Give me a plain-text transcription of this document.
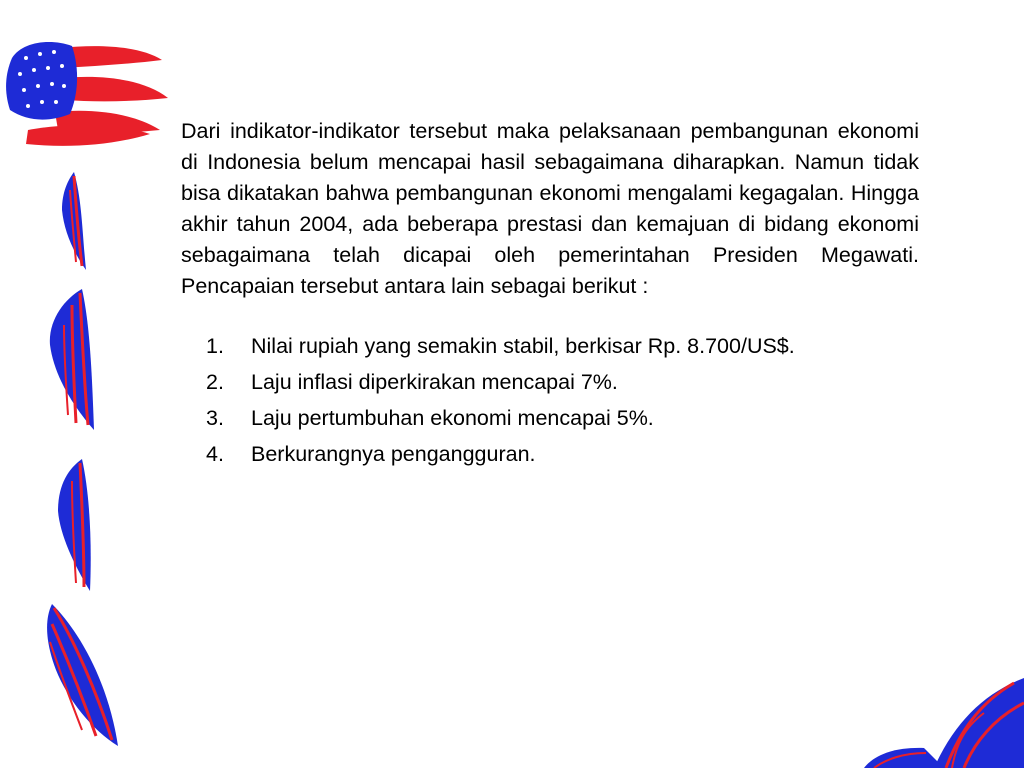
Dari indikator-indikator tersebut maka pelaksanaan pembangunan ekonomi di Indonesia belum mencapai hasil sebagaimana diharapkan. Namun tidak bisa dikatakan bahwa pembangunan ekonomi mengalami kegagalan. Hingga akhir tahun 2004, ada beberapa prestasi dan kemajuan di bidang ekonomi sebagaimana telah dicapai oleh pemerintahan Presiden Megawati. Pencapaian tersebut antara lain sebagai berikut :

1.	Nilai rupiah yang semakin stabil, berkisar Rp. 8.700/US$.
2.	Laju inflasi diperkirakan mencapai 7%.
3.	Laju pertumbuhan ekonomi mencapai 5%.
4.	Berkurangnya pengangguran.
